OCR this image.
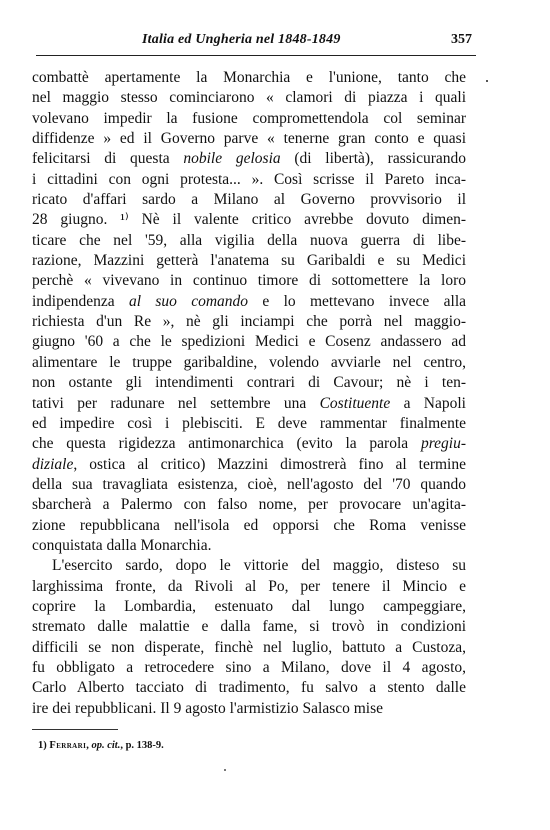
Italia ed Ungheria nel 1848-1849	357
combattè apertamente la Monarchia e l'unione, tanto che
nel maggio stesso cominciarono « clamori di piazza i quali
volevano impedir la fusione compromettendola col seminar
diffidenze » ed il Governo parve « tenerne gran conto e quasi
felicitarsi di questa nobile gelosia (di libertà), rassicurando
i cittadini con ogni protesta... ». Così scrisse il Pareto inca-
ricato d'affari sardo a Milano al Governo provvisorio il
28 giugno. ¹⁾ Nè il valente critico avrebbe dovuto dimen-
ticare che nel '59, alla vigilia della nuova guerra di libe-
razione, Mazzini getterà l'anatema su Garibaldi e su Medici
perchè « vivevano in continuo timore di sottomettere la loro
indipendenza al suo comando e lo mettevano invece alla
richiesta d'un Re », nè gli inciampi che porrà nel maggio-
giugno '60 a che le spedizioni Medici e Cosenz andassero ad
alimentare le truppe garibaldine, volendo avviarle nel centro,
non ostante gli intendimenti contrari di Cavour; nè i ten-
tativi per radunare nel settembre una Costituente a Napoli
ed impedire così i plebisciti. E deve rammentar finalmente
che questa rigidezza antimonarchica (evito la parola pregiu-
diziale, ostica al critico) Mazzini dimostrerà fino al termine
della sua travagliata esistenza, cioè, nell'agosto del '70 quando
sbarcherà a Palermo con falso nome, per provocare un'agita-
zione repubblicana nell'isola ed opporsi che Roma venisse
conquistata dalla Monarchia.
L'esercito sardo, dopo le vittorie del maggio, disteso su
larghissima fronte, da Rivoli al Po, per tenere il Mincio e
coprire la Lombardia, estenuato dal lungo campeggiare,
stremato dalle malattie e dalla fame, si trovò in condizioni
difficili se non disperate, finchè nel luglio, battuto a Custoza,
fu obbligato a retrocedere sino a Milano, dove il 4 agosto,
Carlo Alberto tacciato di tradimento, fu salvo a stento dalle
ire dei repubblicani. Il 9 agosto l'armistizio Salasco mise
1) Ferrari, op. cit., p. 138-9.
